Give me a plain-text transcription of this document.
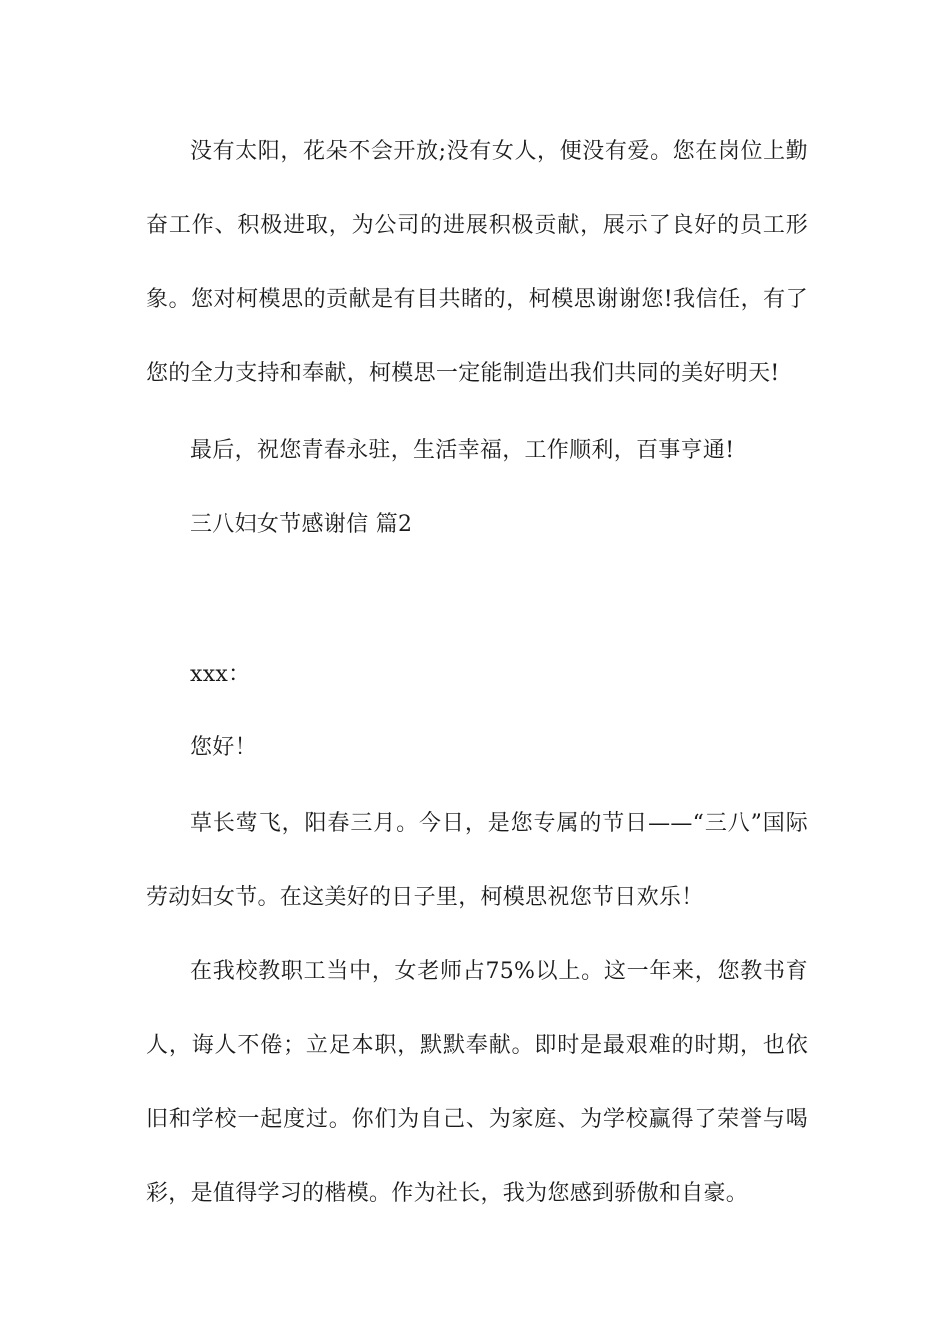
没有太阳，花朵不会开放;没有女人，便没有爱。您在岗位上勤奋工作、积极进取，为公司的进展积极贡献，展示了良好的员工形象。您对柯模思的贡献是有目共睹的，柯模思谢谢您!我信任，有了您的全力支持和奉献，柯模思一定能制造出我们共同的美好明天!

最后，祝您青春永驻，生活幸福，工作顺利，百事亨通!

三八妇女节感谢信 篇2

xxx：

您好！

草长莺飞，阳春三月。今日，是您专属的节日——“三八”国际劳动妇女节。在这美好的日子里，柯模思祝您节日欢乐！

在我校教职工当中，女老师占75%以上。这一年来，您教书育人，诲人不倦；立足本职，默默奉献。即时是最艰难的时期，也依旧和学校一起度过。你们为自己、为家庭、为学校赢得了荣誉与喝彩，是值得学习的楷模。作为社长，我为您感到骄傲和自豪。
